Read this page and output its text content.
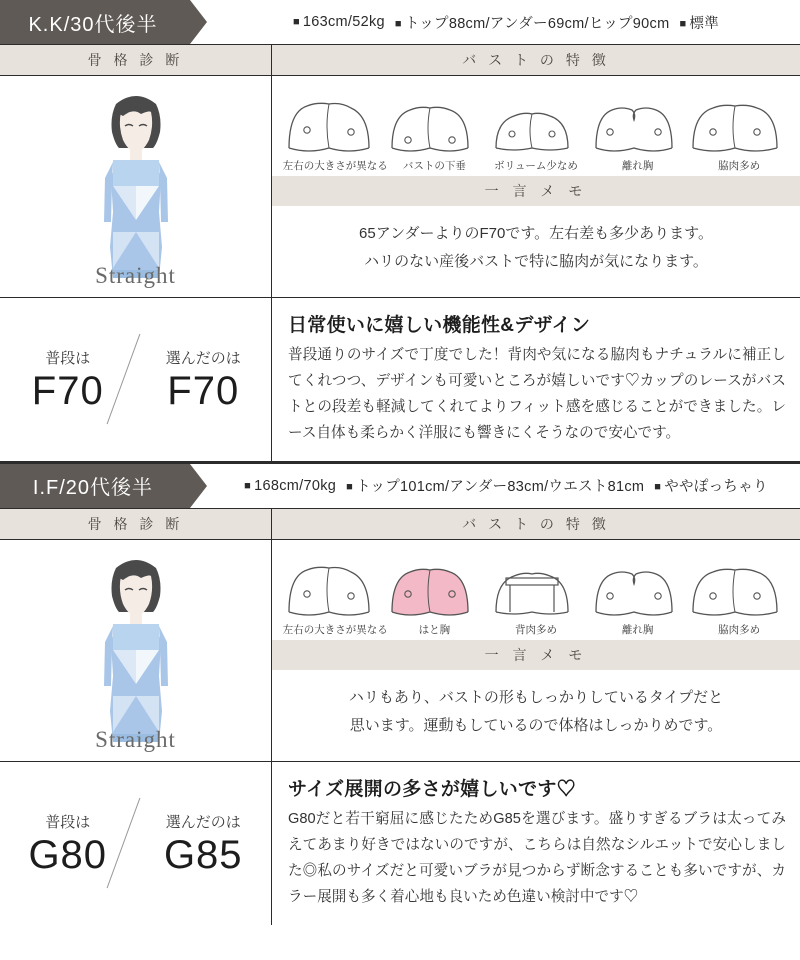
K.K/30代後半	■ 163cm/52kg	■ トップ88cm/アンダー69cm/ヒップ90cm	■ 標準
骨 格 診 断
Straight
バ ス ト の 特 徴
左右の大きさが異なる	バストの下垂	ボリューム少なめ	離れ胸	脇肉多め
一 言 メ モ
65アンダーよりのF70です。左右差も多少あります。
ハリのない産後バストで特に脇肉が気になります。
普段は
F70
選んだのは
F70
日常使いに嬉しい機能性&デザイン
普段通りのサイズで丁度でした！背肉や気になる脇肉もナチュラルに補正してくれつつ、デザインも可愛いところが嬉しいです♡カップのレースがバストとの段差も軽減してくれてよりフィット感を感じることができました。レース自体も柔らかく洋服にも響きにくそうなので安心です。
I.F/20代後半	■ 168cm/70kg	■ トップ101cm/アンダー83cm/ウエスト81cm	■ ややぽっちゃり
骨 格 診 断
Straight
バ ス ト の 特 徴
左右の大きさが異なる	はと胸	背肉多め	離れ胸	脇肉多め
一 言 メ モ
ハリもあり、バストの形もしっかりしているタイプだと
思います。運動もしているので体格はしっかりめです。
普段は
G80
選んだのは
G85
サイズ展開の多さが嬉しいです♡
G80だと若干窮屈に感じたためG85を選びます。盛りすぎるブラは太ってみえてあまり好きではないのですが、こちらは自然なシルエットで安心しました◎私のサイズだと可愛いブラが見つからず断念することも多いですが、カラー展開も多く着心地も良いため色違い検討中です♡
